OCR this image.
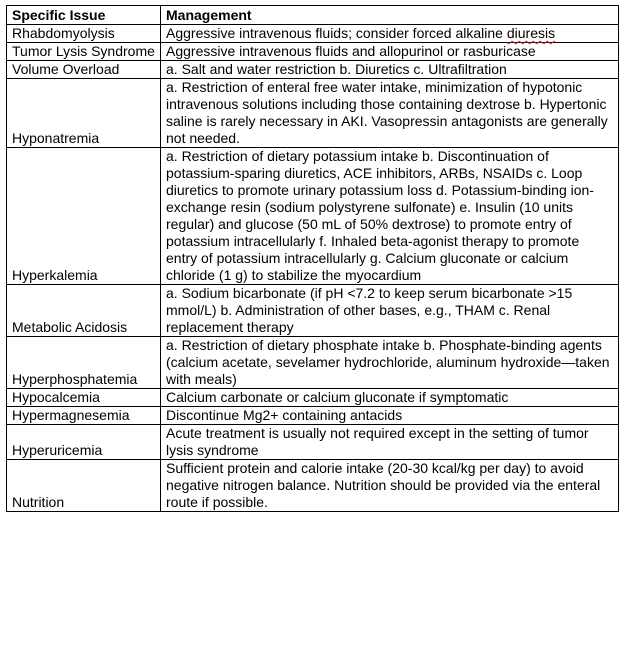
Specific Issue	Management
Rhabdomyolysis	Aggressive intravenous fluids; consider forced alkaline diuresis
Tumor Lysis Syndrome	Aggressive intravenous fluids and allopurinol or rasburicase
Volume Overload	a. Salt and water restriction b. Diuretics c. Ultrafiltration
Hyponatremia	a. Restriction of enteral free water intake, minimization of hypotonic intravenous solutions including those containing dextrose b. Hypertonic saline is rarely necessary in AKI. Vasopressin antagonists are generally not needed.
Hyperkalemia	a. Restriction of dietary potassium intake b. Discontinuation of potassium-sparing diuretics, ACE inhibitors, ARBs, NSAIDs c. Loop diuretics to promote urinary potassium loss d. Potassium-binding ion-exchange resin (sodium polystyrene sulfonate) e. Insulin (10 units regular) and glucose (50 mL of 50% dextrose) to promote entry of potassium intracellularly f. Inhaled beta-agonist therapy to promote entry of potassium intracellularly g. Calcium gluconate or calcium chloride (1 g) to stabilize the myocardium
Metabolic Acidosis	a. Sodium bicarbonate (if pH <7.2 to keep serum bicarbonate >15 mmol/L) b. Administration of other bases, e.g., THAM c. Renal replacement therapy
Hyperphosphatemia	a. Restriction of dietary phosphate intake b. Phosphate-binding agents (calcium acetate, sevelamer hydrochloride, aluminum hydroxide—taken with meals)
Hypocalcemia	Calcium carbonate or calcium gluconate if symptomatic
Hypermagnesemia	Discontinue Mg2+ containing antacids
Hyperuricemia	Acute treatment is usually not required except in the setting of tumor lysis syndrome
Nutrition	Sufficient protein and calorie intake (20-30 kcal/kg per day) to avoid negative nitrogen balance. Nutrition should be provided via the enteral route if possible.
